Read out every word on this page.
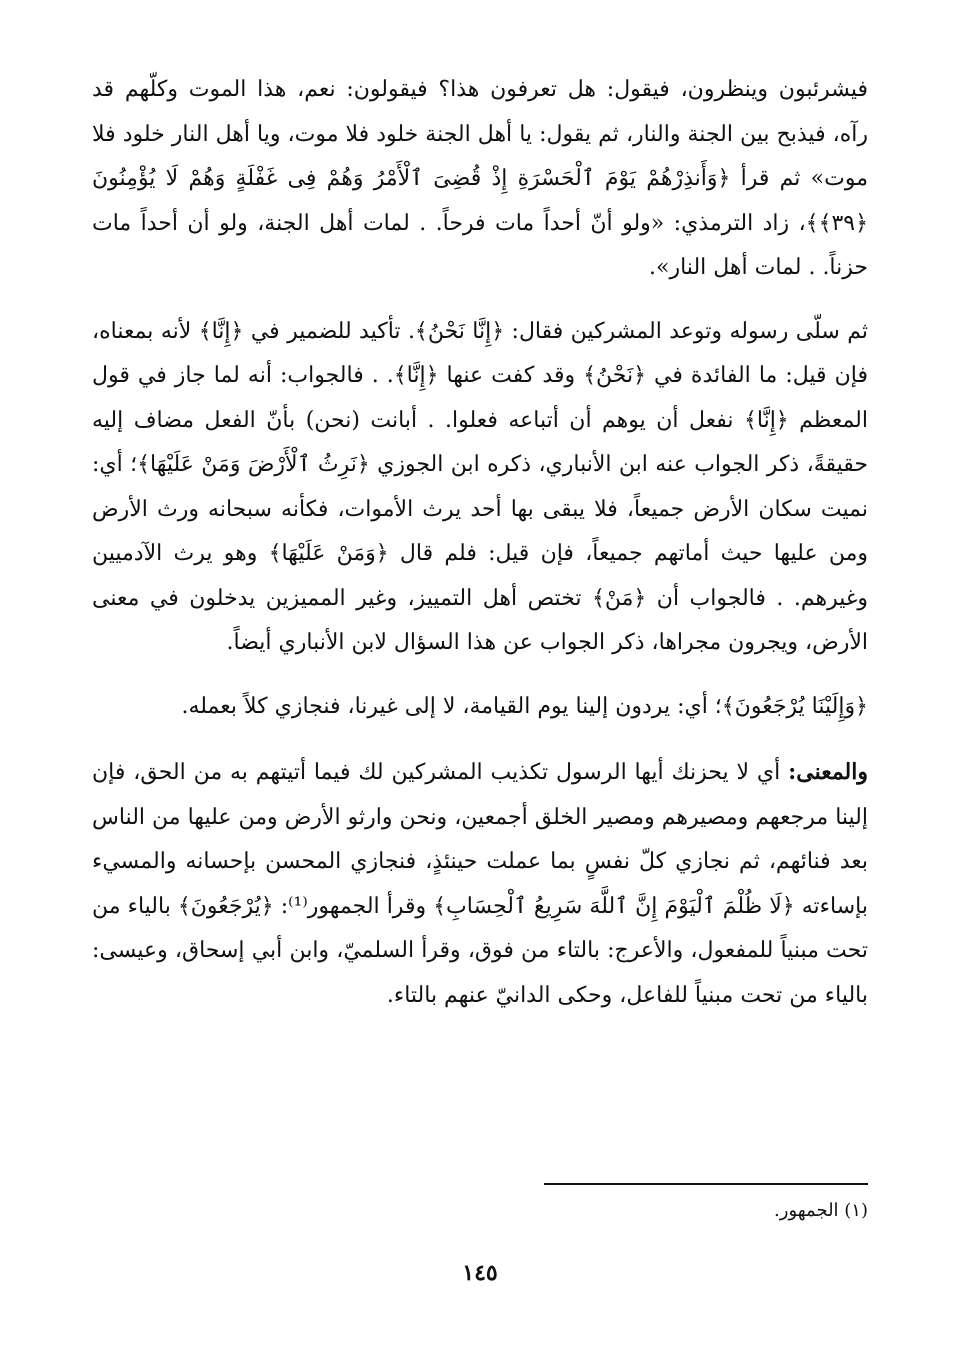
فيشرئبون وينظرون، فيقول: هل تعرفون هذا؟ فيقولون: نعم، هذا الموت وكلّهم قد رآه، فيذبح بين الجنة والنار، ثم يقول: يا أهل الجنة خلود فلا موت، ويا أهل النار خلود فلا موت» ثم قرأ ﴿وَأَنذِرْهُمْ يَوْمَ ٱلْحَسْرَةِ إِذْ قُضِىَ ٱلْأَمْرُ وَهُمْ فِى غَفْلَةٍ وَهُمْ لَا يُؤْمِنُونَ ﴿٣٩﴾﴾، زاد الترمذي: «ولو أنّ أحداً مات فرحاً. . لمات أهل الجنة، ولو أن أحداً مات حزناً. . لمات أهل النار».

ثم سلّى رسوله وتوعد المشركين فقال: ﴿إِنَّا نَحْنُ﴾. تأكيد للضمير في ﴿إِنَّا﴾ لأنه بمعناه، فإن قيل: ما الفائدة في ﴿نَحْنُ﴾ وقد كفت عنها ﴿إِنَّا﴾. . فالجواب: أنه لما جاز في قول المعظم ﴿إِنَّا﴾ نفعل أن يوهم أن أتباعه فعلوا. . أبانت (نحن) بأنّ الفعل مضاف إليه حقيقةً، ذكر الجواب عنه ابن الأنباري، ذكره ابن الجوزي ﴿نَرِثُ ٱلْأَرْضَ وَمَنْ عَلَيْهَا﴾؛ أي: نميت سكان الأرض جميعاً، فلا يبقى بها أحد يرث الأموات، فكأنه سبحانه ورث الأرض ومن عليها حيث أماتهم جميعاً، فإن قيل: فلم قال ﴿وَمَنْ عَلَيْهَا﴾ وهو يرث الآدميين وغيرهم. . فالجواب أن ﴿مَنْ﴾ تختص أهل التمييز، وغير المميزين يدخلون في معنى الأرض، ويجرون مجراها، ذكر الجواب عن هذا السؤال لابن الأنباري أيضاً.

﴿وَإِلَيْنَا يُرْجَعُونَ﴾؛ أي: يردون إلينا يوم القيامة، لا إلى غيرنا، فنجازي كلاً بعمله.

والمعنى: أي لا يحزنك أيها الرسول تكذيب المشركين لك فيما أتيتهم به من الحق، فإن إلينا مرجعهم ومصيرهم ومصير الخلق أجمعين، ونحن وارثو الأرض ومن عليها من الناس بعد فنائهم، ثم نجازي كلّ نفسٍ بما عملت حينئذٍ، فنجازي المحسن بإحسانه والمسيء بإساءته ﴿لَا ظُلْمَ ٱلْيَوْمَ إِنَّ ٱللَّهَ سَرِيعُ ٱلْحِسَابِ﴾ وقرأ الجمهور⁽¹⁾: ﴿يُرْجَعُونَ﴾ بالياء من تحت مبنياً للمفعول، والأعرج: بالتاء من فوق، وقرأ السلميّ، وابن أبي إسحاق، وعيسى: بالياء من تحت مبنياً للفاعل، وحكى الدانيّ عنهم بالتاء.

(١) الجمهور.
١٤٥
